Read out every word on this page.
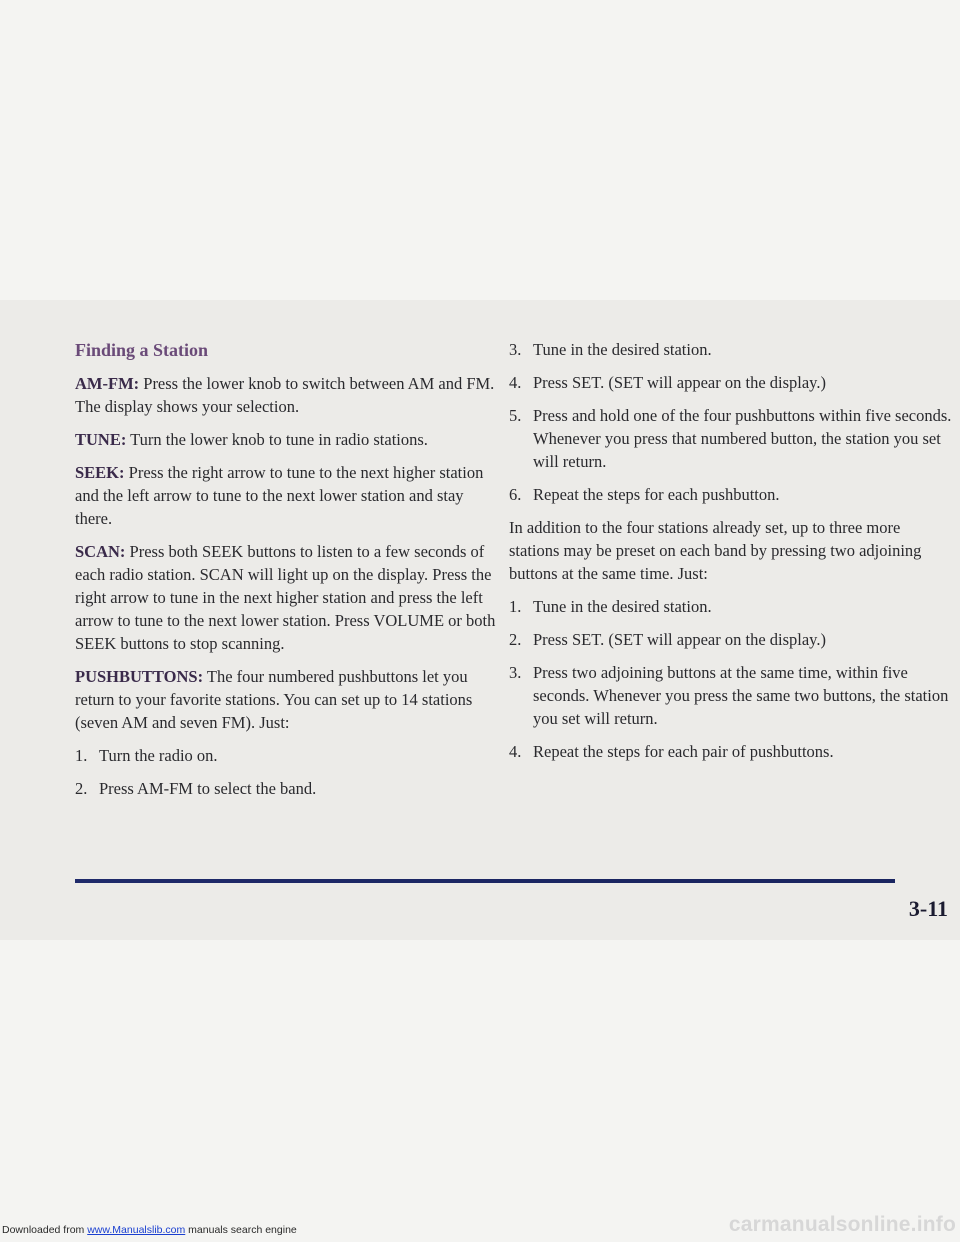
Finding a Station

AM-FM: Press the lower knob to switch between AM and FM. The display shows your selection.

TUNE: Turn the lower knob to tune in radio stations.

SEEK: Press the right arrow to tune to the next higher station and the left arrow to tune to the next lower station and stay there.

SCAN: Press both SEEK buttons to listen to a few seconds of each radio station. SCAN will light up on the display. Press the right arrow to tune in the next higher station and press the left arrow to tune to the next lower station. Press VOLUME or both SEEK buttons to stop scanning.

PUSHBUTTONS: The four numbered pushbuttons let you return to your favorite stations. You can set up to 14 stations (seven AM and seven FM). Just:

1. Turn the radio on.
2. Press AM-FM to select the band.
3. Tune in the desired station.
4. Press SET. (SET will appear on the display.)
5. Press and hold one of the four pushbuttons within five seconds. Whenever you press that numbered button, the station you set will return.
6. Repeat the steps for each pushbutton.

In addition to the four stations already set, up to three more stations may be preset on each band by pressing two adjoining buttons at the same time. Just:

1. Tune in the desired station.
2. Press SET. (SET will appear on the display.)
3. Press two adjoining buttons at the same time, within five seconds. Whenever you press the same two buttons, the station you set will return.
4. Repeat the steps for each pair of pushbuttons.
3-11
Downloaded from www.Manualslib.com manuals search engine	carmanualsonline.info
